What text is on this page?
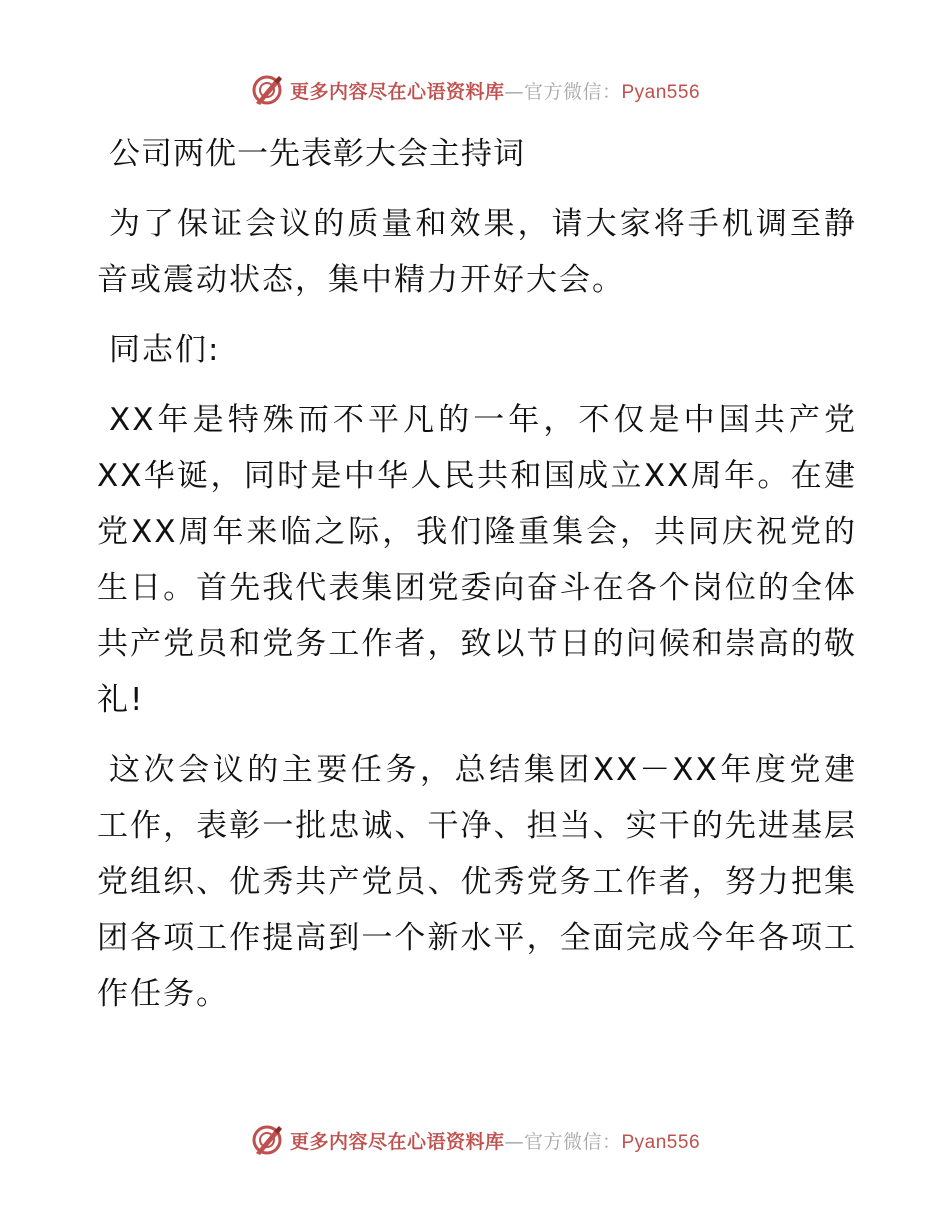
更多内容尽在心语资料库—官方微信：Pyan556
公司两优一先表彰大会主持词

为了保证会议的质量和效果，请大家将手机调至静音或震动状态，集中精力开好大会。

同志们:

XX年是特殊而不平凡的一年，不仅是中国共产党XX华诞，同时是中华人民共和国成立XX周年。在建党XX周年来临之际，我们隆重集会，共同庆祝党的生日。首先我代表集团党委向奋斗在各个岗位的全体共产党员和党务工作者，致以节日的问候和崇高的敬礼!

这次会议的主要任务，总结集团XX－XX年度党建工作，表彰一批忠诚、干净、担当、实干的先进基层党组织、优秀共产党员、优秀党务工作者，努力把集团各项工作提高到一个新水平，全面完成今年各项工作任务。

更多内容尽在心语资料库—官方微信：Pyan556
